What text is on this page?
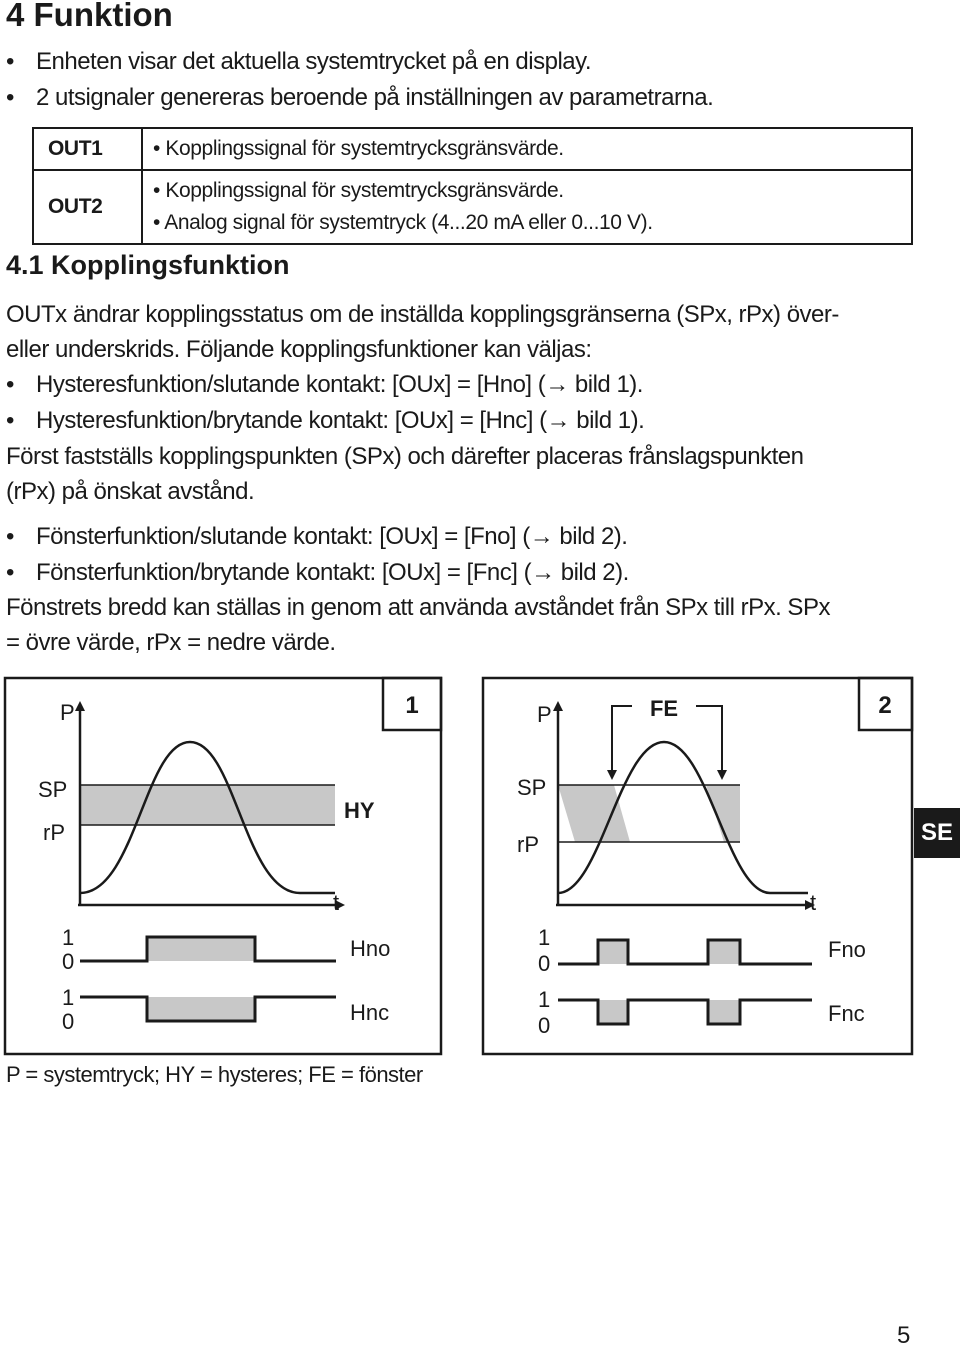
4 Funktion
• Enheten visar det aktuella systemtrycket på en display.
• 2 utsignaler genereras beroende på inställningen av parametrarna.
OUT1	• Kopplingssignal för systemtrycksgränsvärde.

OUT2	• Kopplingssignal för systemtrycksgränsvärde.
• Analog signal för systemtryck (4...20 mA eller 0...10 V).
4.1 Kopplingsfunktion
OUTx ändrar kopplingsstatus om de inställda kopplingsgränserna (SPx, rPx) över-
eller underskrids. Följande kopplingsfunktioner kan väljas:
• Hysteresfunktion/slutande kontakt: [OUx] = [Hno] (→ bild 1).
• Hysteresfunktion/brytande kontakt: [OUx] = [Hnc] (→ bild 1).
Först fastställs kopplingspunkten (SPx) och därefter placeras frånslagspunkten
(rPx) på önskat avstånd.
• Fönsterfunktion/slutande kontakt: [OUx] = [Fno] (→ bild 2).
• Fönsterfunktion/brytande kontakt: [OUx] = [Fnc] (→ bild 2).
Fönstrets bredd kan ställas in genom att använda avståndet från SPx till rPx. SPx
= övre värde, rPx = nedre värde.
1
P
SP
rP
HY
t
1
0
Hno
1
0	Hnc
2
FE
P
SP
rP
t
1
0
Fno
1
0	Fnc
SE
P = systemtryck; HY = hysteres; FE = fönster
5
